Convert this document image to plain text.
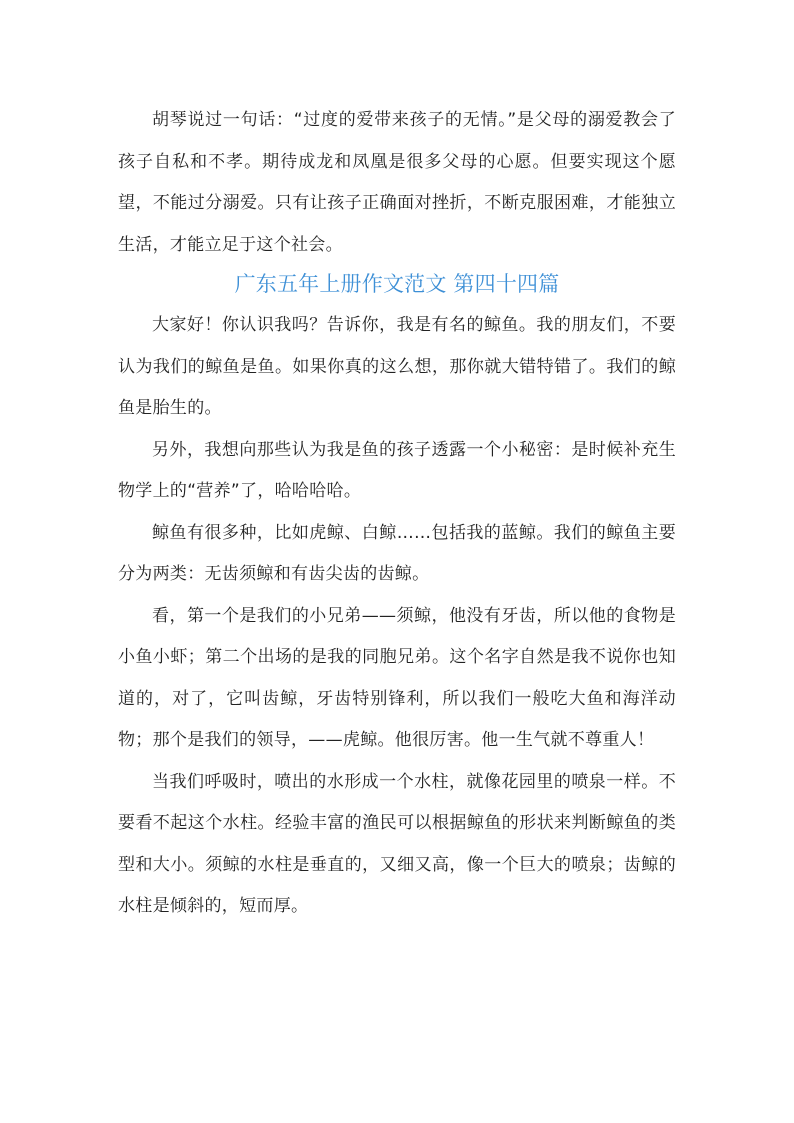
胡琴说过一句话：“过度的爱带来孩子的无情。”是父母的溺爱教会了孩子自私和不孝。期待成龙和凤凰是很多父母的心愿。但要实现这个愿望，不能过分溺爱。只有让孩子正确面对挫折，不断克服困难，才能独立生活，才能立足于这个社会。

广东五年上册作文范文 第四十四篇

大家好！你认识我吗？告诉你，我是有名的鲸鱼。我的朋友们，不要认为我们的鲸鱼是鱼。如果你真的这么想，那你就大错特错了。我们的鲸鱼是胎生的。

另外，我想向那些认为我是鱼的孩子透露一个小秘密：是时候补充生物学上的“营养”了，哈哈哈哈。

鲸鱼有很多种，比如虎鲸、白鲸……包括我的蓝鲸。我们的鲸鱼主要分为两类：无齿须鲸和有齿尖齿的齿鲸。

看，第一个是我们的小兄弟——须鲸，他没有牙齿，所以他的食物是小鱼小虾；第二个出场的是我的同胞兄弟。这个名字自然是我不说你也知道的，对了，它叫齿鲸，牙齿特别锋利，所以我们一般吃大鱼和海洋动物；那个是我们的领导，——虎鲸。他很厉害。他一生气就不尊重人！

当我们呼吸时，喷出的水形成一个水柱，就像花园里的喷泉一样。不要看不起这个水柱。经验丰富的渔民可以根据鲸鱼的形状来判断鲸鱼的类型和大小。须鲸的水柱是垂直的，又细又高，像一个巨大的喷泉；齿鲸的水柱是倾斜的，短而厚。
